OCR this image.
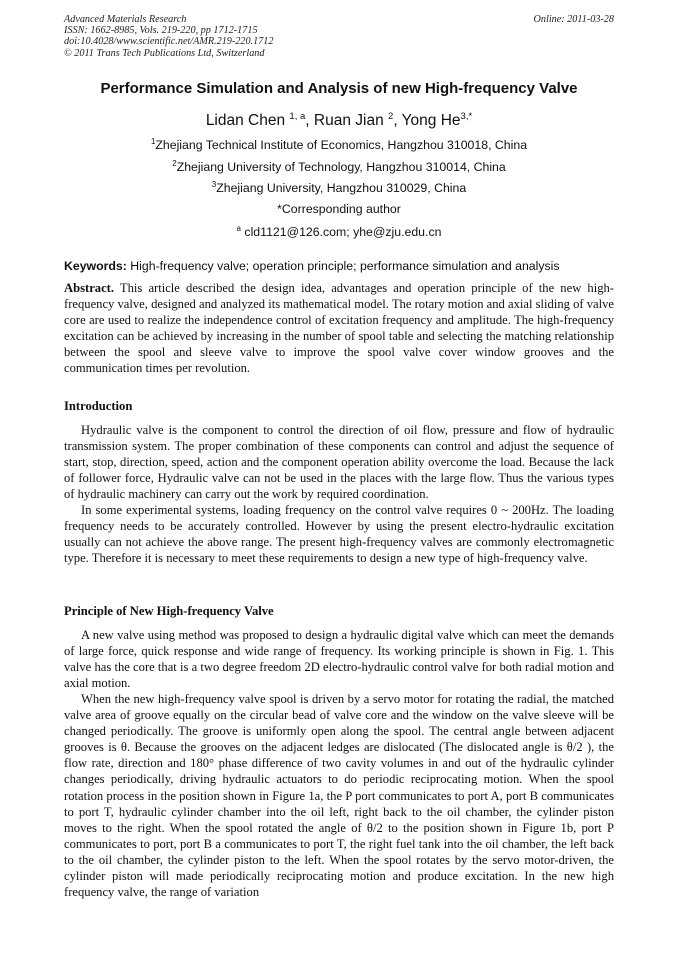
Advanced Materials Research
ISSN: 1662-8985, Vols. 219-220, pp 1712-1715
doi:10.4028/www.scientific.net/AMR.219-220.1712
© 2011 Trans Tech Publications Ltd, Switzerland
Online: 2011-03-28
Performance Simulation and Analysis of new High-frequency Valve
Lidan Chen $^{1, a}$, Ruan Jian $^2$, Yong $He^{3,*}$
$^1$Zhejiang Technical Institute of Economics, Hangzhou 310018, China
$^2$Zhejiang University of Technology, Hangzhou 310014, China
$^3$Zhejiang University, Hangzhou 310029, China
*Corresponding author
$^a$ cld1121@126.com; yhe@zju.edu.cn
Keywords: High-frequency valve; operation principle; performance simulation and analysis

Abstract. This article described the design idea, advantages and operation principle of the new high-frequency valve, designed and analyzed its mathematical model. The rotary motion and axial sliding of valve core are used to realize the independence control of excitation frequency and amplitude. The high-frequency excitation can be achieved by increasing in the number of spool table and selecting the matching relationship between the spool and sleeve valve to improve the spool valve cover window grooves and the communication times per revolution.

Introduction

Hydraulic valve is the component to control the direction of oil flow, pressure and flow of hydraulic transmission system. The proper combination of these components can control and adjust the sequence of start, stop, direction, speed, action and the component operation ability overcome the load. Because the lack of follower force, Hydraulic valve can not be used in the places with the large flow. Thus the various types of hydraulic machinery can carry out the work by required coordination.

In some experimental systems, loading frequency on the control valve requires 0 ~ 200Hz. The loading frequency needs to be accurately controlled. However by using the present electro-hydraulic excitation usually can not achieve the above range. The present high-frequency valves are commonly electromagnetic type. Therefore it is necessary to meet these requirements to design a new type of high-frequency valve.

Principle of New High-frequency Valve

A new valve using method was proposed to design a hydraulic digital valve which can meet the demands of large force, quick response and wide range of frequency. Its working principle is shown in Fig. 1. This valve has the core that is a two degree freedom 2D electro-hydraulic control valve for both radial motion and axial motion.

When the new high-frequency valve spool is driven by a servo motor for rotating the radial, the matched valve area of groove equally on the circular bead of valve core and the window on the valve sleeve will be changed periodically. The groove is uniformly open along the spool. The central angle between adjacent grooves is θ. Because the grooves on the adjacent ledges are dislocated (The dislocated angle is θ/2 ), the flow rate, direction and 180° phase difference of two cavity volumes in and out of the hydraulic cylinder changes periodically, driving hydraulic actuators to do periodic reciprocating motion. When the spool rotation process in the position shown in Figure 1a, the P port communicates to port A, port B communicates to port T, hydraulic cylinder chamber into the oil left, right back to the oil chamber, the cylinder piston moves to the right. When the spool rotated the angle of θ/2 to the position shown in Figure 1b, port P communicates to port, port B a communicates to port T, the right fuel tank into the oil chamber, the left back to the oil chamber, the cylinder piston to the left. When the spool rotates by the servo motor-driven, the cylinder piston will made periodically reciprocating motion and produce excitation. In the new high frequency valve, the range of variation
